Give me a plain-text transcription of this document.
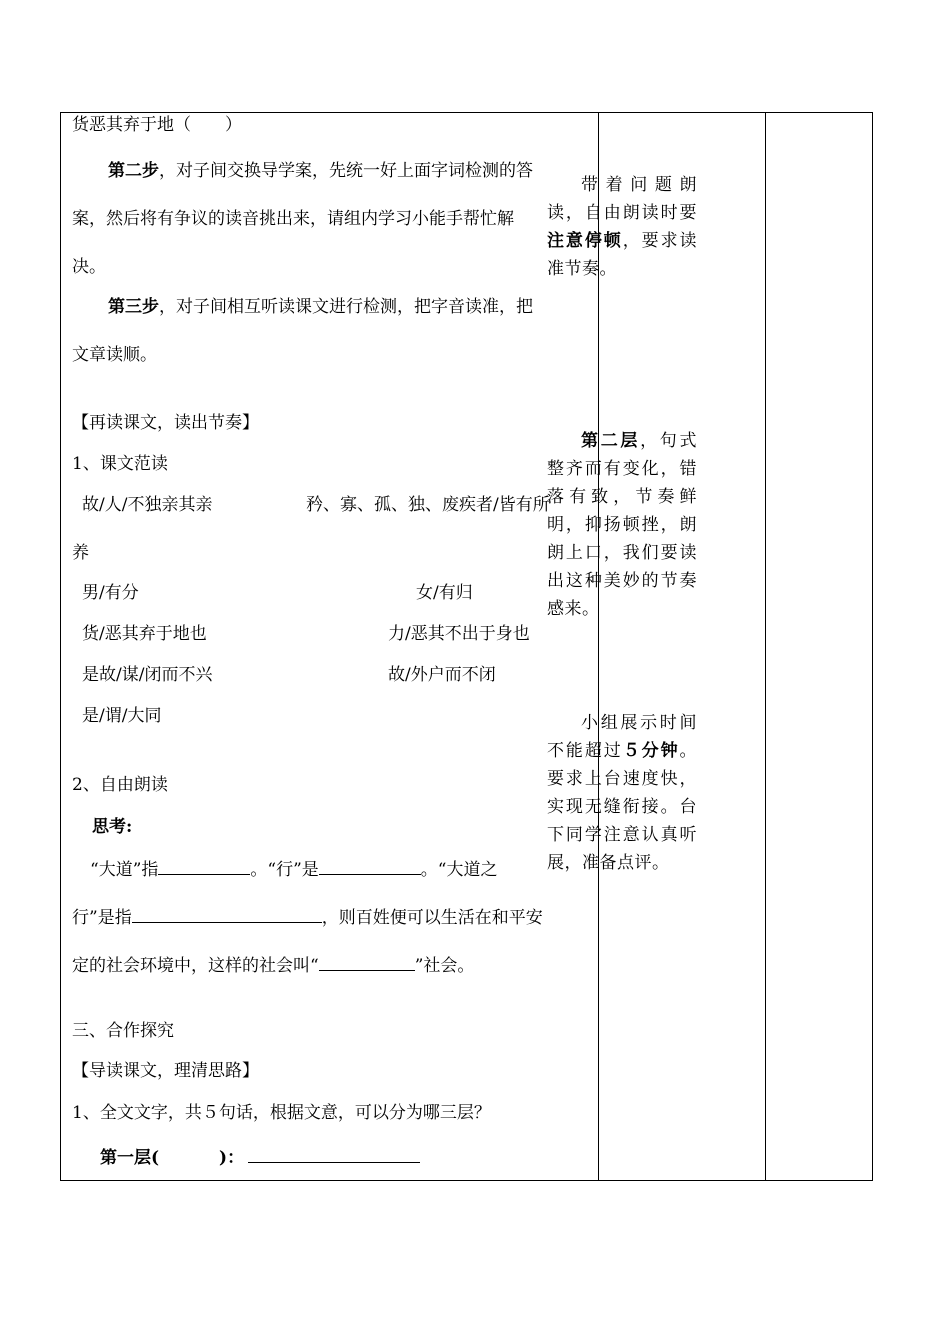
货恶其弃于地（　　）
第二步，对子间交换导学案，先统一好上面字词检测的答
案，然后将有争议的读音挑出来，请组内学习小能手帮忙解
决。
第三步，对子间相互听读课文进行检测，把字音读准，把
文章读顺。
【再读课文，读出节奏】
1、课文范读
故/人/不独亲其亲	矜、寡、孤、独、废疾者/皆有所
养
男/有分	女/有归
货/恶其弃于地也	力/恶其不出于身也
是故/谋/闭而不兴	故/外户而不闭
是/谓/大同
2、自由朗读
思考:
“大道”指	。“行”是	。“大道之
行”是指	，则百姓便可以生活在和平安
定的社会环境中，这样的社会叫“	”社会。
三、合作探究
【导读课文，理清思路】
1、全文文字，共５句话，根据文意，可以分为哪三层？
第一层(	)：

带着问题朗读，自由朗读时要注意停顿，要求读准节奏。

第二层，句式整齐而有变化，错落有致，节奏鲜明，抑扬顿挫，朗朗上口，我们要读出这种美妙的节奏感来。

小组展示时间不能超过５分钟。要求上台速度快，实现无缝衔接。台下同学注意认真听展，准备点评。
